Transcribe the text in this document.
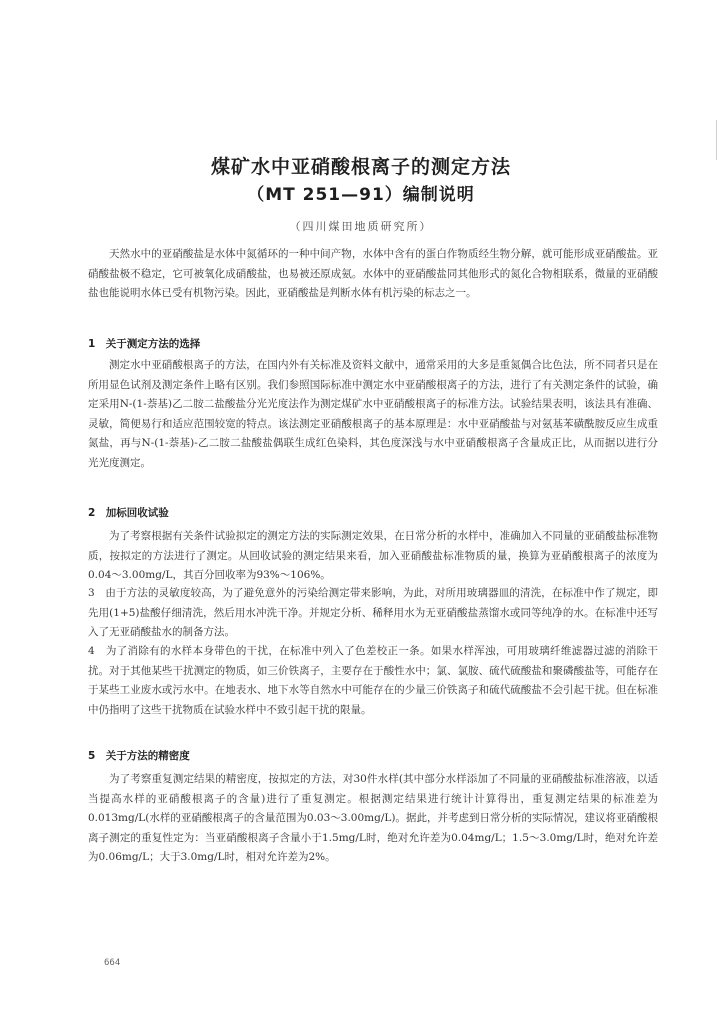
煤矿水中亚硝酸根离子的测定方法
（MT 251—91）编制说明
（四川煤田地质研究所）
天然水中的亚硝酸盐是水体中氮循环的一种中间产物，水体中含有的蛋白作物质经生物分解，就可能形成亚硝酸盐。亚硝酸盐极不稳定，它可被氧化成硝酸盐，也易被还原成氨。水体中的亚硝酸盐同其他形式的氮化合物相联系，微量的亚硝酸盐也能说明水体已受有机物污染。因此，亚硝酸盐是判断水体有机污染的标志之一。
1　关于测定方法的选择
测定水中亚硝酸根离子的方法，在国内外有关标准及资料文献中，通常采用的大多是重氮偶合比色法，所不同者只是在所用显色试剂及测定条件上略有区别。我们参照国际标准中测定水中亚硝酸根离子的方法，进行了有关测定条件的试验，确定采用N-(1-萘基)乙二胺二盐酸盐分光光度法作为测定煤矿水中亚硝酸根离子的标准方法。试验结果表明，该法具有准确、灵敏，简便易行和适应范围较宽的特点。该法测定亚硝酸根离子的基本原理是：水中亚硝酸盐与对氨基苯磺酰胺反应生成重氮盐，再与N-(1-萘基)-乙二胺二盐酸盐偶联生成红色染料，其色度深浅与水中亚硝酸根离子含量成正比，从而据以进行分光光度测定。
2　加标回收试验
为了考察根据有关条件试验拟定的测定方法的实际测定效果，在日常分析的水样中，准确加入不同量的亚硝酸盐标准物质，按拟定的方法进行了测定。从回收试验的测定结果来看，加入亚硝酸盐标准物质的量，换算为亚硝酸根离子的浓度为0.04～3.00mg/L，其百分回收率为93%～106%。
3　由于方法的灵敏度较高，为了避免意外的污染给测定带来影响，为此，对所用玻璃器皿的清洗，在标准中作了规定，即先用(1+5)盐酸仔细清洗，然后用水冲洗干净。并规定分析、稀释用水为无亚硝酸盐蒸馏水或同等纯净的水。在标准中还写入了无亚硝酸盐水的制备方法。
4　为了消除有的水样本身带色的干扰，在标准中列入了色差校正一条。如果水样浑浊，可用玻璃纤维滤器过滤的消除干扰。对于其他某些干扰测定的物质，如三价铁离子，主要存在于酸性水中；氯、氯胺、硫代硫酸盐和聚磷酸盐等，可能存在于某些工业废水或污水中。在地表水、地下水等自然水中可能存在的少量三价铁离子和硫代硫酸盐不会引起干扰。但在标准中仍指明了这些干扰物质在试验水样中不致引起干扰的限量。
5　关于方法的精密度
为了考察重复测定结果的精密度，按拟定的方法，对30件水样(其中部分水样添加了不同量的亚硝酸盐标准溶液，以适当提高水样的亚硝酸根离子的含量)进行了重复测定。根据测定结果进行统计计算得出，重复测定结果的标准差为0.013mg/L(水样的亚硝酸根离子的含量范围为0.03～3.00mg/L)。据此，并考虑到日常分析的实际情况，建议将亚硝酸根离子测定的重复性定为：当亚硝酸根离子含量小于1.5mg/L时，绝对允许差为0.04mg/L；1.5～3.0mg/L时，绝对允许差为0.06mg/L；大于3.0mg/L时，相对允许差为2%。
664
